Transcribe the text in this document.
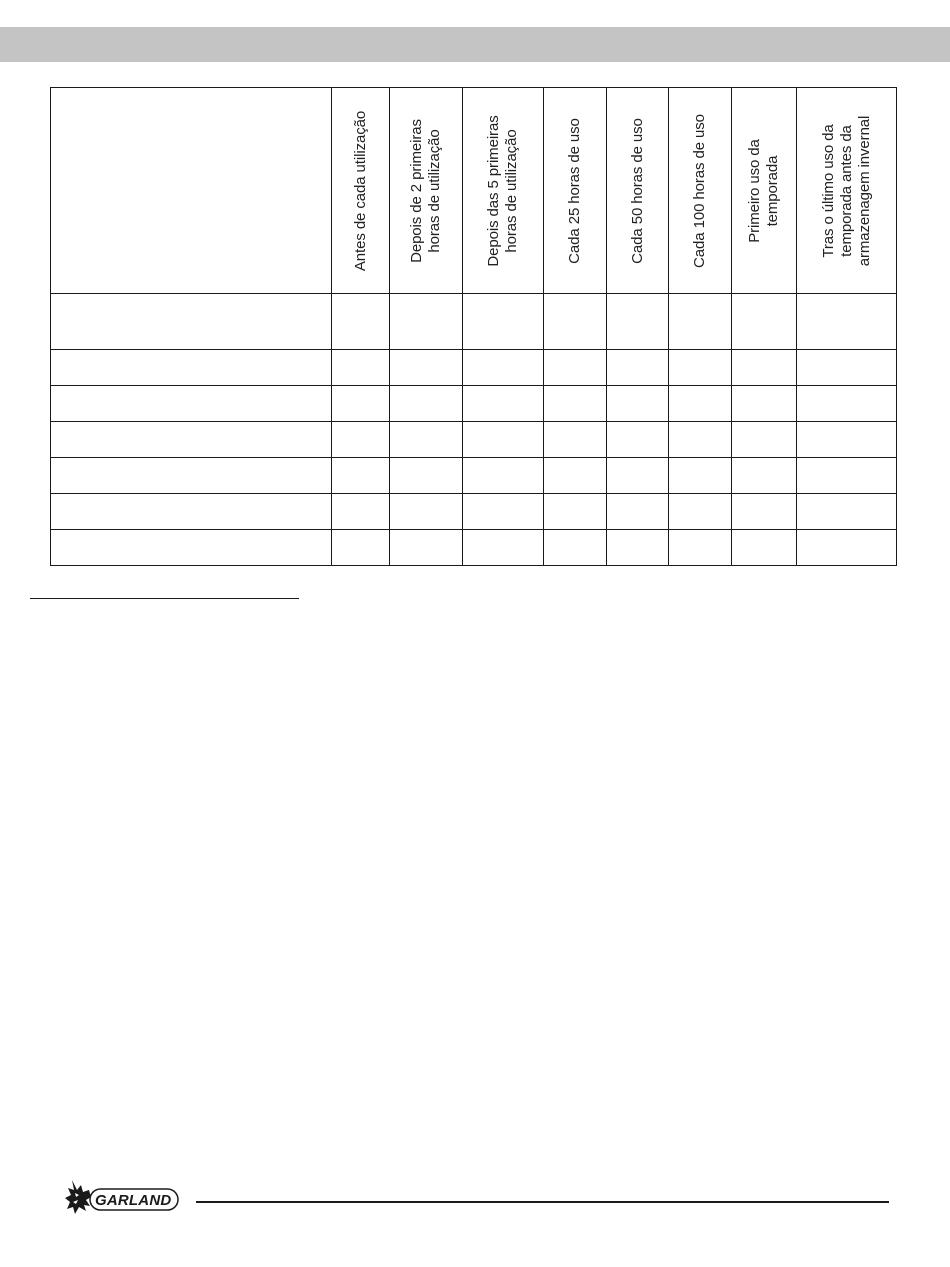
	Antes de cada utilização	Depois de 2 primeiras horas de utilização	Depois das 5 primeiras horas de utilização	Cada 25 horas de uso	Cada 50 horas de uso	Cada 100 horas de uso	Primeiro uso da temporada	Tras o último uso da temporada antes da armazenagem invernal

GARLAND
